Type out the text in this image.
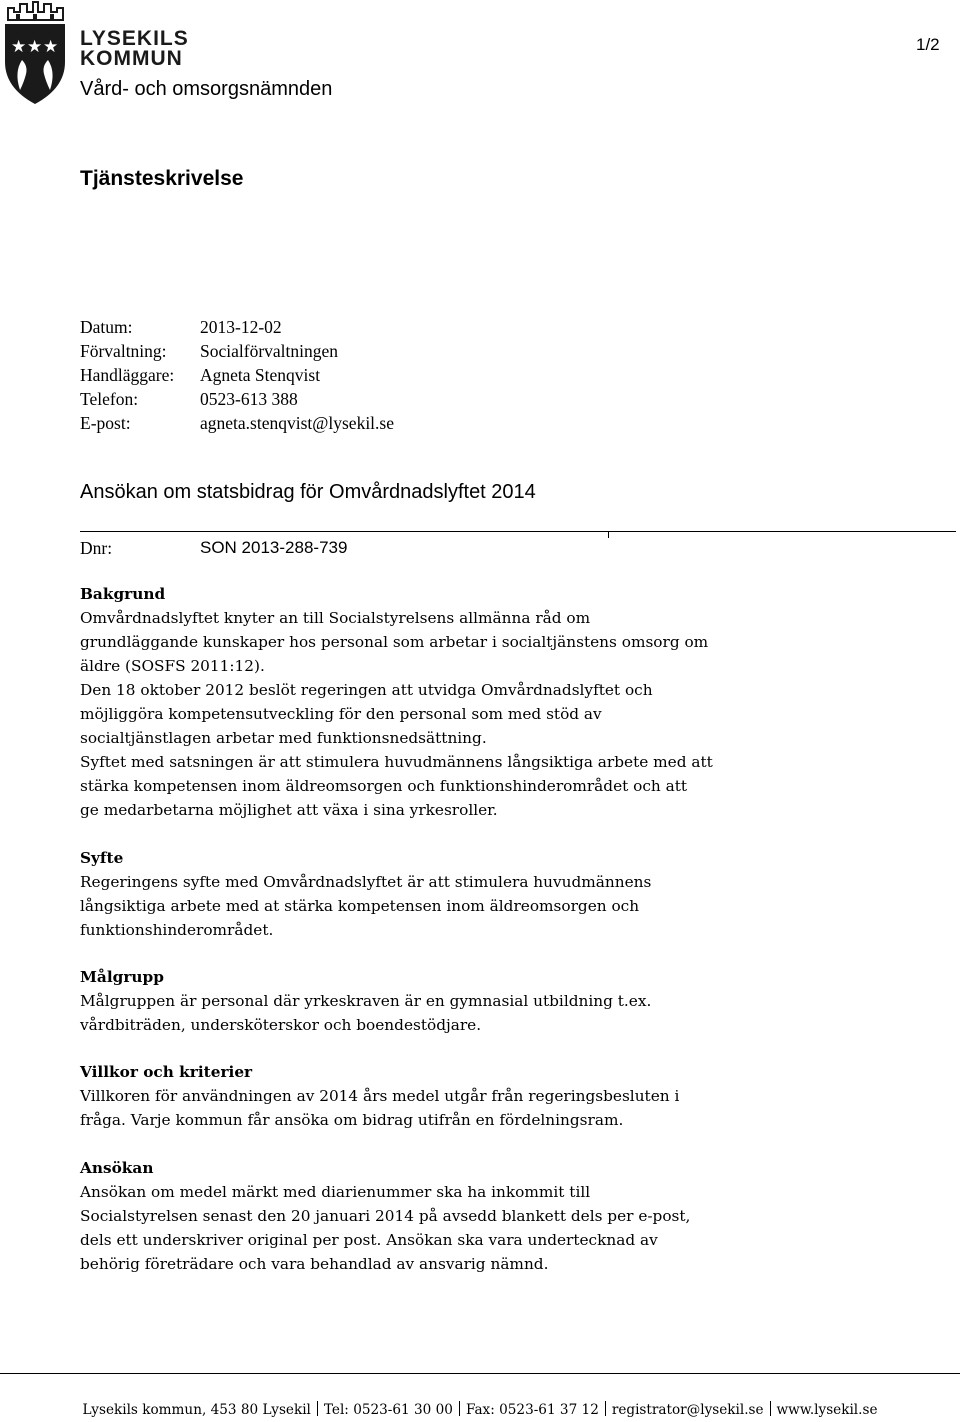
★ ★ ★ LYSEKILS
KOMMUN
Vård- och omsorgsnämnden
1/2
Tjänsteskrivelse
Datum:	2013-12-02
Förvaltning:	Socialförvaltningen
Handläggare:	Agneta Stenqvist
Telefon:	0523-613 388
E-post:	agneta.stenqvist@lysekil.se
Ansökan om statsbidrag för Omvårdnadslyftet 2014
Dnr:	SON 2013-288-739
Bakgrund
Omvårdnadslyftet knyter an till Socialstyrelsens allmänna råd om
grundläggande kunskaper hos personal som arbetar i socialtjänstens omsorg om
äldre (SOSFS 2011:12).
Den 18 oktober 2012 beslöt regeringen att utvidga Omvårdnadslyftet och
möjliggöra kompetensutveckling för den personal som med stöd av
socialtjänstlagen arbetar med funktionsnedsättning.
Syftet med satsningen är att stimulera huvudmännens långsiktiga arbete med att
stärka kompetensen inom äldreomsorgen och funktionshinderområdet och att
ge medarbetarna möjlighet att växa i sina yrkesroller.
Syfte
Regeringens syfte med Omvårdnadslyftet är att stimulera huvudmännens
långsiktiga arbete med at stärka kompetensen inom äldreomsorgen och
funktionshinderområdet.
Målgrupp
Målgruppen är personal där yrkeskraven är en gymnasial utbildning t.ex.
vårdbiträden, undersköterskor och boendestödjare.
Villkor och kriterier
Villkoren för användningen av 2014 års medel utgår från regeringsbesluten i
fråga. Varje kommun får ansöka om bidrag utifrån en fördelningsram.
Ansökan
Ansökan om medel märkt med diarienummer ska ha inkommit till
Socialstyrelsen senast den 20 januari 2014 på avsedd blankett dels per e-post,
dels ett underskriver original per post. Ansökan ska vara undertecknad av
behörig företrädare och vara behandlad av ansvarig nämnd.
Lysekils kommun, 453 80 Lysekil Tel: 0523-61 30 00 Fax: 0523-61 37 12 registrator@lysekil.se www.lysekil.se
